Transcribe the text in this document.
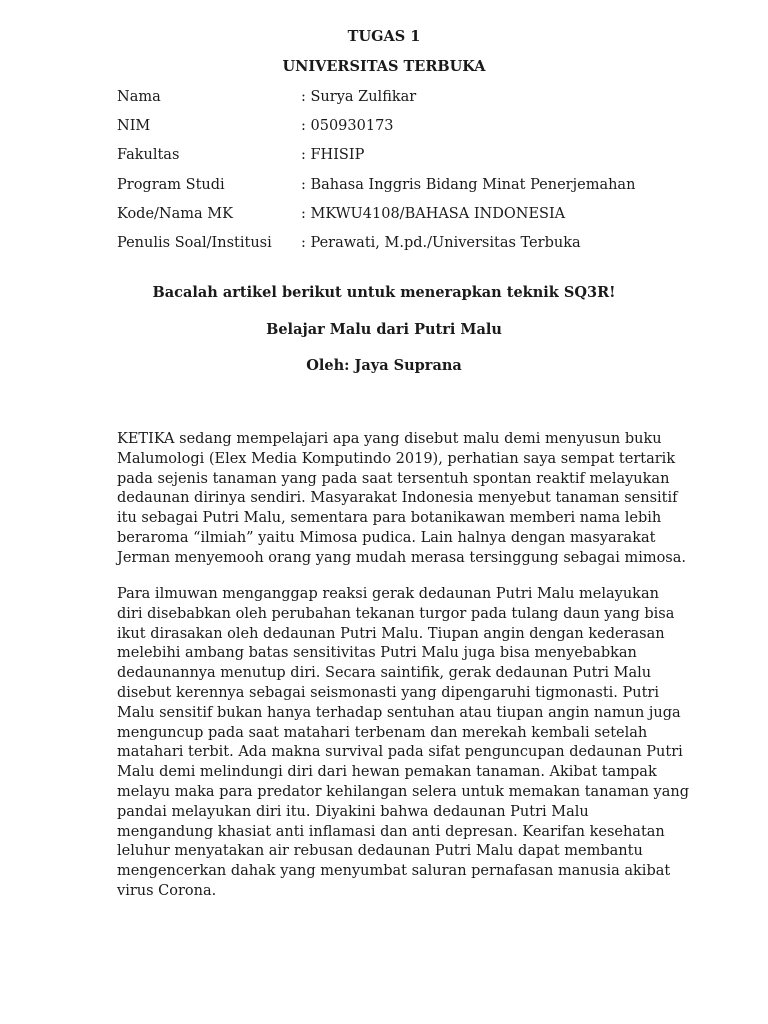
TUGAS 1
UNIVERSITAS TERBUKA
Nama	: Surya Zulfikar
NIM	: 050930173
Fakultas	: FHISIP
Program Studi	: Bahasa Inggris Bidang Minat Penerjemahan
Kode/Nama MK	: MKWU4108/BAHASA INDONESIA
Penulis Soal/Institusi : Perawati, M.pd./Universitas Terbuka
Bacalah artikel berikut untuk menerapkan teknik SQ3R!
Belajar Malu dari Putri Malu
Oleh: Jaya Suprana
KETIKA sedang mempelajari apa yang disebut malu demi menyusun buku
Malumologi (Elex Media Komputindo 2019), perhatian saya sempat tertarik
pada sejenis tanaman yang pada saat tersentuh spontan reaktif melayukan
dedaunan dirinya sendiri. Masyarakat Indonesia menyebut tanaman sensitif
itu sebagai Putri Malu, sementara para botanikawan memberi nama lebih
beraroma “ilmiah” yaitu Mimosa pudica. Lain halnya dengan masyarakat
Jerman menyemooh orang yang mudah merasa tersinggung sebagai mimosa.
Para ilmuwan menganggap reaksi gerak dedaunan Putri Malu melayukan
diri disebabkan oleh perubahan tekanan turgor pada tulang daun yang bisa
ikut dirasakan oleh dedaunan Putri Malu. Tiupan angin dengan kederasan
melebihi ambang batas sensitivitas Putri Malu juga bisa menyebabkan
dedaunannya menutup diri. Secara saintifik, gerak dedaunan Putri Malu
disebut kerennya sebagai seismonasti yang dipengaruhi tigmonasti. Putri
Malu sensitif bukan hanya terhadap sentuhan atau tiupan angin namun juga
menguncup pada saat matahari terbenam dan merekah kembali setelah
matahari terbit. Ada makna survival pada sifat penguncupan dedaunan Putri
Malu demi melindungi diri dari hewan pemakan tanaman. Akibat tampak
melayu maka para predator kehilangan selera untuk memakan tanaman yang
pandai melayukan diri itu. Diyakini bahwa dedaunan Putri Malu
mengandung khasiat anti inflamasi dan anti depresan. Kearifan kesehatan
leluhur menyatakan air rebusan dedaunan Putri Malu dapat membantu
mengencerkan dahak yang menyumbat saluran pernafasan manusia akibat
virus Corona.
